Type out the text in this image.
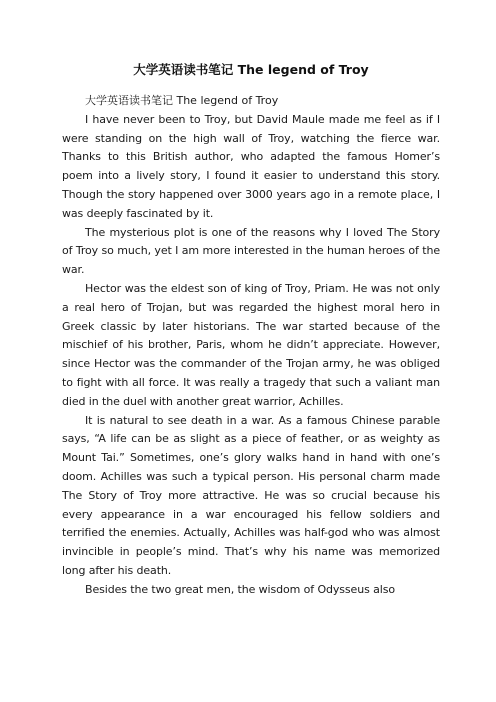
大学英语读书笔记 The legend of Troy

大学英语读书笔记 The legend of Troy

I have never been to Troy, but David Maule made me feel as if I were standing on the high wall of Troy, watching the fierce war. Thanks to this British author, who adapted the famous Homer’s poem into a lively story, I found it easier to understand this story. Though the story happened over 3000 years ago in a remote place, I was deeply fascinated by it.

The mysterious plot is one of the reasons why I loved The Story of Troy so much, yet I am more interested in the human heroes of the war.

Hector was the eldest son of king of Troy, Priam. He was not only a real hero of Trojan, but was regarded the highest moral hero in Greek classic by later historians. The war started because of the mischief of his brother, Paris, whom he didn’t appreciate. However, since Hector was the commander of the Trojan army, he was obliged to fight with all force. It was really a tragedy that such a valiant man died in the duel with another great warrior, Achilles.

It is natural to see death in a war. As a famous Chinese parable says, “A life can be as slight as a piece of feather, or as weighty as Mount Tai.” Sometimes, one’s glory walks hand in hand with one’s doom. Achilles was such a typical person. His personal charm made The Story of Troy more attractive. He was so crucial because his every appearance in a war encouraged his fellow soldiers and terrified the enemies. Actually, Achilles was half-god who was almost invincible in people’s mind. That’s why his name was memorized long after his death.

Besides the two great men, the wisdom of Odysseus also
